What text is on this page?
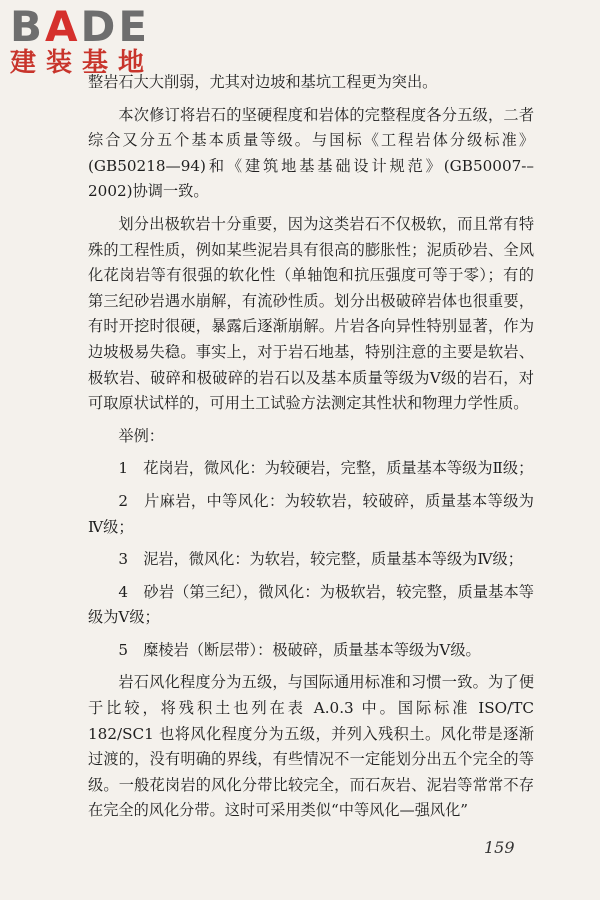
BADE
建装基地

整岩石大大削弱，尤其对边坡和基坑工程更为突出。

本次修订将岩石的坚硬程度和岩体的完整程度各分五级，二者综合又分五个基本质量等级。与国标《工程岩体分级标准》(GB50218—94)和《建筑地基基础设计规范》(GB50007-–2002)协调一致。

划分出极软岩十分重要，因为这类岩石不仅极软，而且常有特殊的工程性质，例如某些泥岩具有很高的膨胀性；泥质砂岩、全风化花岗岩等有很强的软化性（单轴饱和抗压强度可等于零）；有的第三纪砂岩遇水崩解，有流砂性质。划分出极破碎岩体也很重要，有时开挖时很硬，暴露后逐渐崩解。片岩各向异性特别显著，作为边坡极易失稳。事实上，对于岩石地基，特别注意的主要是软岩、极软岩、破碎和极破碎的岩石以及基本质量等级为Ⅴ级的岩石，对可取原状试样的，可用土工试验方法测定其性状和物理力学性质。

举例：

1　花岗岩，微风化：为较硬岩，完整，质量基本等级为Ⅱ级；

2　片麻岩，中等风化：为较软岩，较破碎，质量基本等级为Ⅳ级；

3　泥岩，微风化：为软岩，较完整，质量基本等级为Ⅳ级；

4　砂岩（第三纪），微风化：为极软岩，较完整，质量基本等级为Ⅴ级；

5　糜棱岩（断层带）：极破碎，质量基本等级为Ⅴ级。

岩石风化程度分为五级，与国际通用标准和习惯一致。为了便于比较，将残积土也列在表 A.0.3 中。国际标准 ISO/TC 182/SC1 也将风化程度分为五级，并列入残积土。风化带是逐渐过渡的，没有明确的界线，有些情况不一定能划分出五个完全的等级。一般花岗岩的风化分带比较完全，而石灰岩、泥岩等常常不存在完全的风化分带。这时可采用类似“中等风化—强风化”

159
